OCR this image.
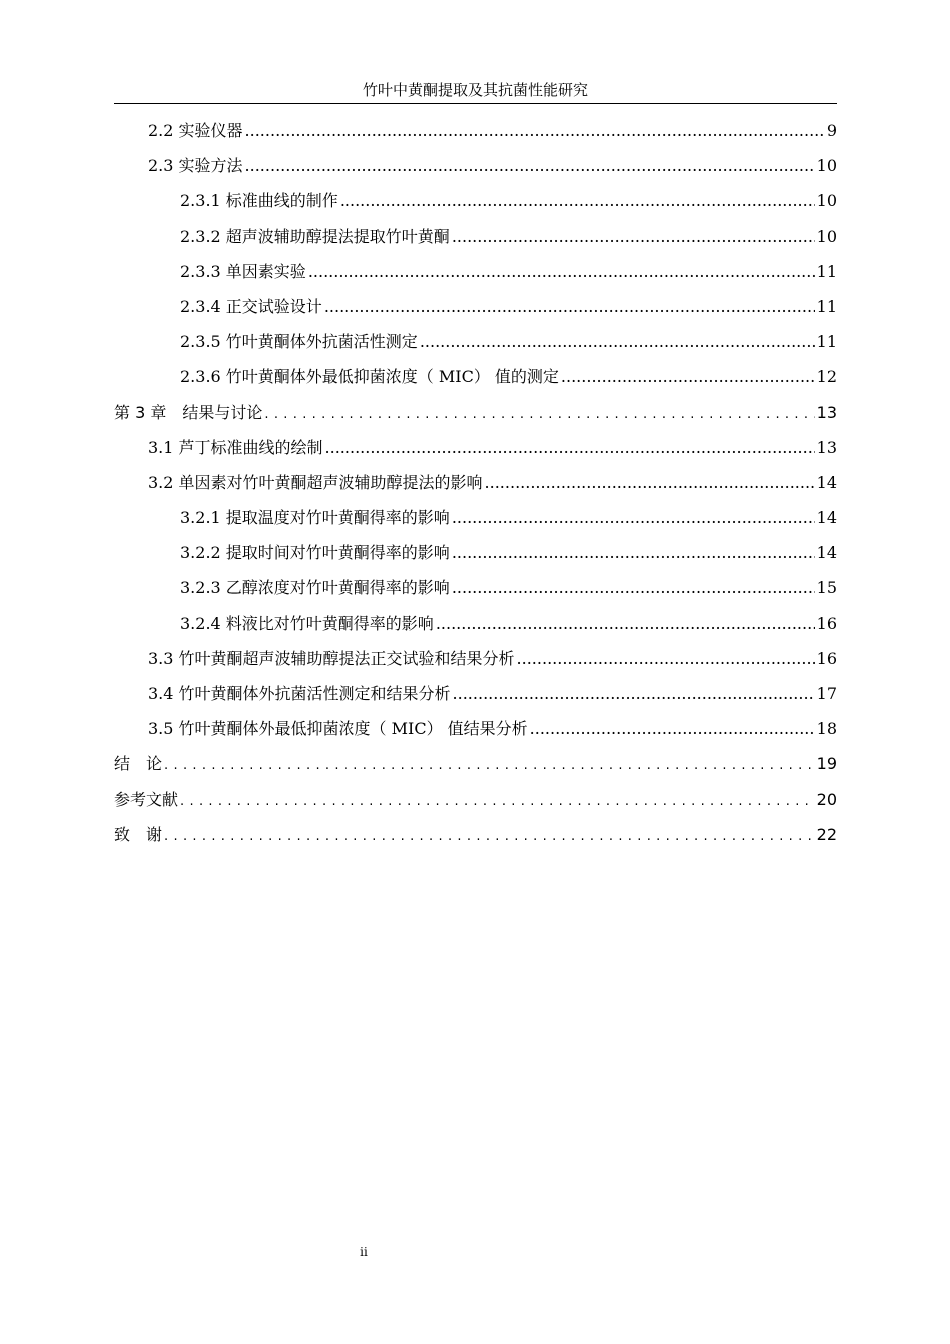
竹叶中黄酮提取及其抗菌性能研究
2.2 实验仪器 .....	9
2.3 实验方法 .....	10
2.3.1 标准曲线的制作 .....	10
2.3.2 超声波辅助醇提法提取竹叶黄酮 .....	10
2.3.3 单因素实验 .....	11
2.3.4 正交试验设计 .....	11
2.3.5 竹叶黄酮体外抗菌活性测定 .....	11
2.3.6 竹叶黄酮体外最低抑菌浓度（ MIC） 值的测定 .....	12
第 3 章　结果与讨论 . . .	13
3.1 芦丁标准曲线的绘制 .....	13
3.2 单因素对竹叶黄酮超声波辅助醇提法的影响 .....	14
3.2.1 提取温度对竹叶黄酮得率的影响 .....	14
3.2.2 提取时间对竹叶黄酮得率的影响 .....	14
3.2.3 乙醇浓度对竹叶黄酮得率的影响 .....	15
3.2.4 料液比对竹叶黄酮得率的影响 .....	16
3.3 竹叶黄酮超声波辅助醇提法正交试验和结果分析 .....	16
3.4 竹叶黄酮体外抗菌活性测定和结果分析 .....	17
3.5 竹叶黄酮体外最低抑菌浓度（ MIC） 值结果分析 .....	18
结　论 . . .	19
参考文献 . . .	20
致　谢 . . .	22
ii
